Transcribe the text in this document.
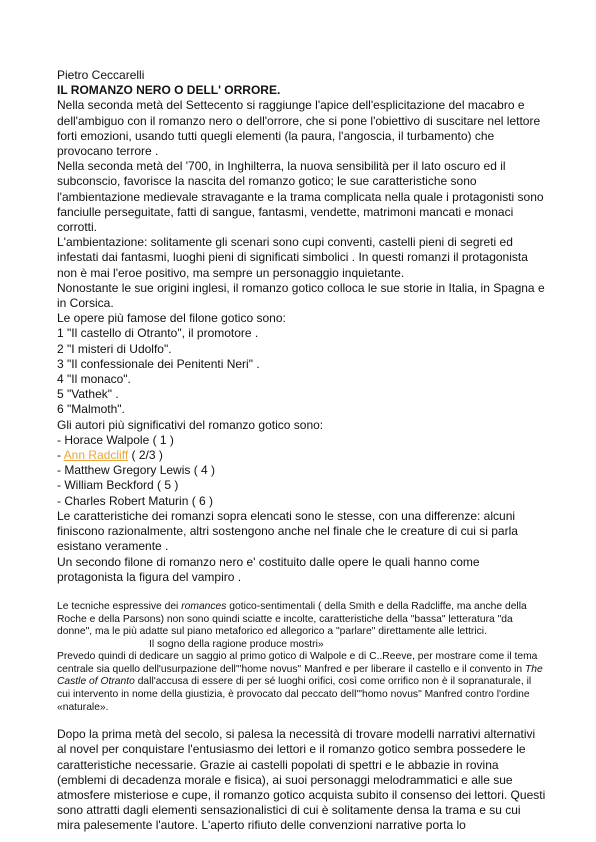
Pietro Ceccarelli

IL ROMANZO NERO O DELL' ORRORE.

Nella seconda metà del Settecento si raggiunge l'apice dell'esplicitazione del macabro e dell'ambiguo con il romanzo nero o dell'orrore, che si pone l'obiettivo di suscitare nel lettore forti emozioni, usando tutti quegli elementi (la paura, l'angoscia, il turbamento) che provocano terrore .

Nella seconda metà del '700, in Inghilterra, la nuova sensibilità per il lato oscuro ed il subconscio, favorisce la nascita del romanzo gotico; le sue caratteristiche sono l'ambientazione medievale stravagante e la trama complicata nella quale i protagonisti sono fanciulle perseguitate, fatti di sangue, fantasmi, vendette, matrimoni mancati e monaci corrotti.

L'ambientazione: solitamente gli scenari sono cupi conventi, castelli pieni di segreti ed infestati dai fantasmi, luoghi pieni di significati simbolici . In questi romanzi il protagonista non è mai l'eroe positivo, ma sempre un personaggio inquietante.

Nonostante le sue origini inglesi, il romanzo gotico colloca le sue storie in Italia, in Spagna e in Corsica.

Le opere più famose del filone gotico sono:

1 "Il castello di Otranto", il promotore .

2 "I misteri di Udolfo".

3 "Il confessionale dei Penitenti Neri" .

4 "Il monaco".

5 "Vathek" .

6 "Malmoth".

Gli autori più significativi del romanzo gotico sono:

- Horace Walpole ( 1 )

- Ann Radcliff ( 2/3 )

- Matthew Gregory Lewis ( 4 )

- William Beckford ( 5 )

- Charles Robert Maturin ( 6 )

Le caratteristiche dei romanzi sopra elencati sono le stesse, con una differenze: alcuni finiscono razionalmente, altri sostengono anche nel finale che le creature di cui si parla esistano veramente .

Un secondo filone di romanzo nero e' costituito dalle opere le quali hanno come protagonista la figura del vampiro .

Le tecniche espressive dei romances gotico-sentimentali ( della Smith e della Radcliffe, ma anche della Roche e della Parsons) non sono quindi sciatte e incolte, caratteristiche della "bassa" letteratura "da donne", ma le più adatte sul piano metaforico ed allegorico a "parlare" direttamente alle lettrici.Il sogno della ragione produce mostri»

Prevedo quindi di dedicare un saggio al primo gotico di Walpole e di C..Reeve, per mostrare come il tema centrale sia quello dell'usurpazione dell'"home novus" Manfred e per liberare il castello e il convento in The Castle of Otranto dall'accusa di essere di per sé luoghi orifici, così come orrifico non è il sopranaturale, il cui intervento in nome della giustizia, è provocato dal peccato dell'"homo novus" Manfred contro l'ordine «naturale».

Dopo la prima metà del secolo, si palesa la necessità di trovare modelli narrativi alternativi al novel per conquistare l'entusiasmo dei lettori e il romanzo gotico sembra possedere le caratteristiche necessarie. Grazie ai castelli popolati di spettri e le abbazie in rovina (emblemi di decadenza morale e fisica), ai suoi personaggi melodrammatici e alle sue atmosfere misteriose e cupe, il romanzo gotico acquista subito il consenso dei lettori. Questi sono attratti dagli elementi sensazionalistici di cui è solitamente densa la trama e su cui mira palesemente l'autore. L'aperto rifiuto delle convenzioni narrative porta lo
